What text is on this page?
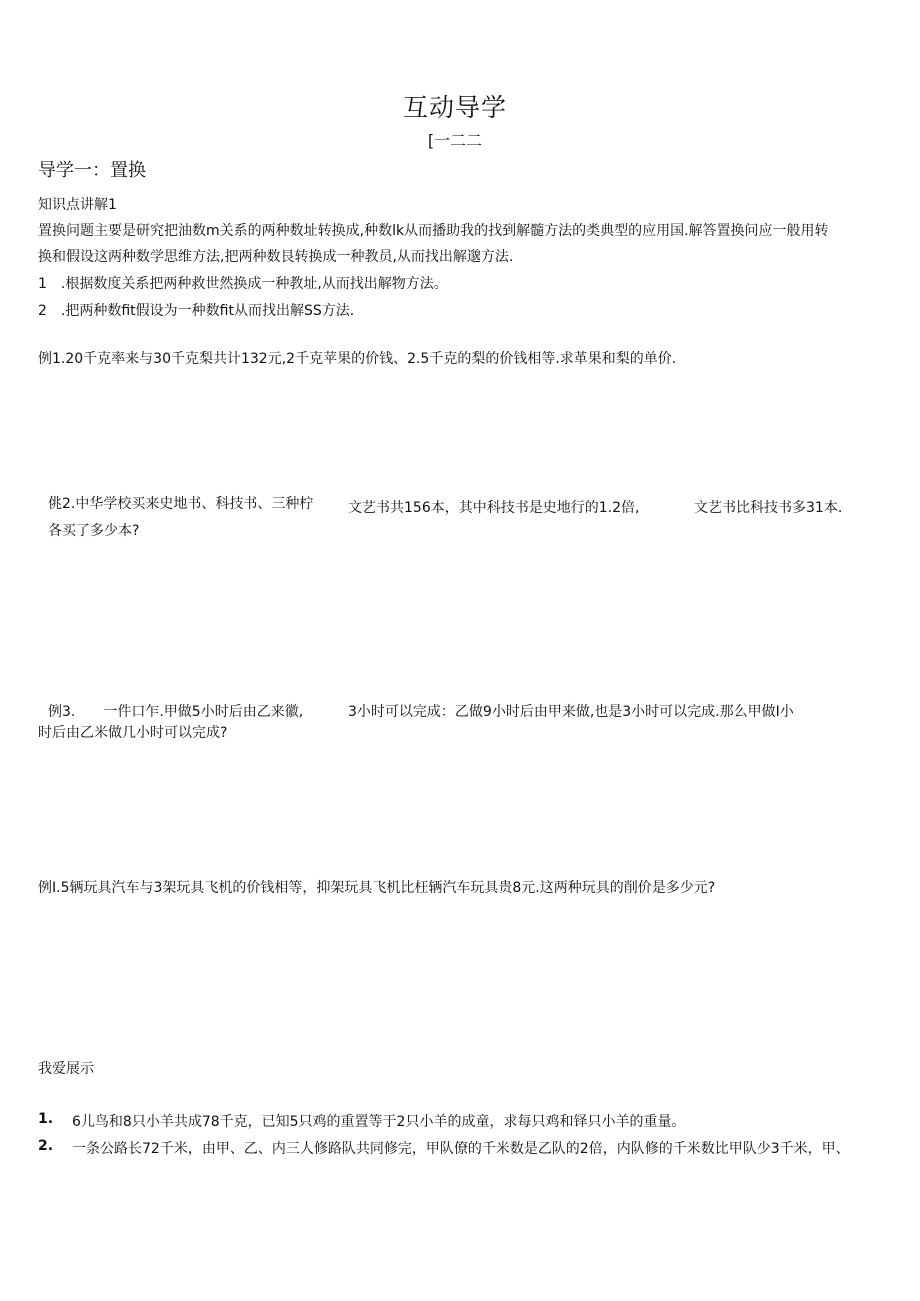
互动导学
[一二二
导学一：置换
知识点讲解1
置换问题主要是研究把油数m关系的两种数址转换成,种数lk从而播助我的找到解髓方法的类典型的应用国.解答置换问应一般用转
换和假设这两种数学思维方法,把两种数艮转换成一种教员,从而找出解邈方法.
1　.根据数度关系把两种救世然换成一种教址,从而找出解物方法。
2　.把两种数fit假设为一种数fit从而找出解SS方法.
例1.20千克率来与30千克梨共计132元,2千克苹果的价钱、2.5千克的梨的价钱相等.求革果和梨的单价.
佻2.中华学校买来史地书、科技书、三种柠 文艺书共156本，其中科技书是史地行的1.2倍,	文艺书比科技书多31本.
各买了多少本?
例3.　　一件口乍.甲做5小时后由乙来徽,	3小时可以完成：乙做9小时后由甲来做,也是3小时可以完成.那么甲做I小
时后由乙米做几小时可以完成?
例I.5辆玩具汽车与3架玩具飞机的价钱相等，抑架玩具飞机比枉辆汽车玩具贵8元.这两种玩具的削价是多少元?
我爱展示
1. 6儿鸟和8只小羊共成78千克，已知5只鸡的重置等于2只小羊的成童，求每只鸡和铎只小羊的重量。
2. 一条公路长72千米，由甲、乙、内三人修路队共同修完，甲队僚的千米数是乙队的2倍，内队修的千米数比甲队少3千米，甲、
